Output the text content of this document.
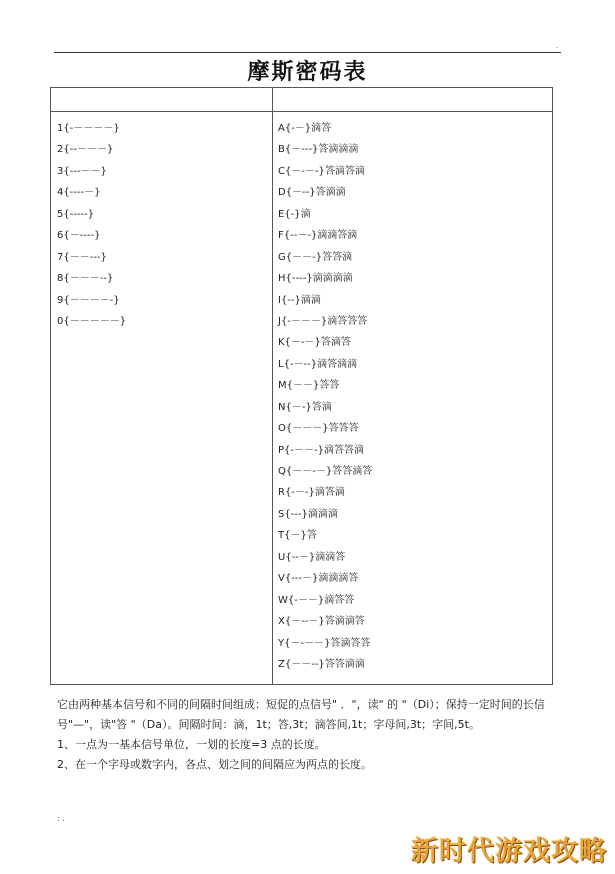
.
摩斯密码表
1{-－－－－}
2{--－－－}
3{---－－}
4{----－}
5{-----}
6{－----}
7{－－---}
8{－－－--}
9{－－－－-}
0{－－－－－}
A{-－}滴答
B{－---}答滴滴滴
C{－-－-}答滴答滴
D{－--}答滴滴
E{-}滴
F{--－-}滴滴答滴
G{－－-}答答滴
H{----}滴滴滴滴
I{--}滴滴
J{-－－－}滴答答答
K{－-－}答滴答
L{-－--}滴答滴滴
M{－－}答答
N{－-}答滴
O{－－－}答答答
P{-－－-}滴答答滴
Q{－－-－}答答滴答
R{-－-}滴答滴
S{---}滴滴滴
T{－}答
U{--－}滴滴答
V{---－}滴滴滴答
W{-－－}滴答答
X{－--－}答滴滴答
Y{－-－－}答滴答答
Z{－－--}答答滴滴

它由两种基本信号和不同的间隔时间组成：短促的点信号" ．"，读" 的 "（Di）；保持一定时间的长信号"—"，读"答 "（Da）。间隔时间：滴，1t；答,3t；滴答间,1t；字母间,3t；字间,5t。

1、一点为一基本信号单位，一划的长度=3 点的长度。

2、在一个字母或数字内，各点、划之间的间隔应为两点的长度。

: .
新时代游戏攻略
